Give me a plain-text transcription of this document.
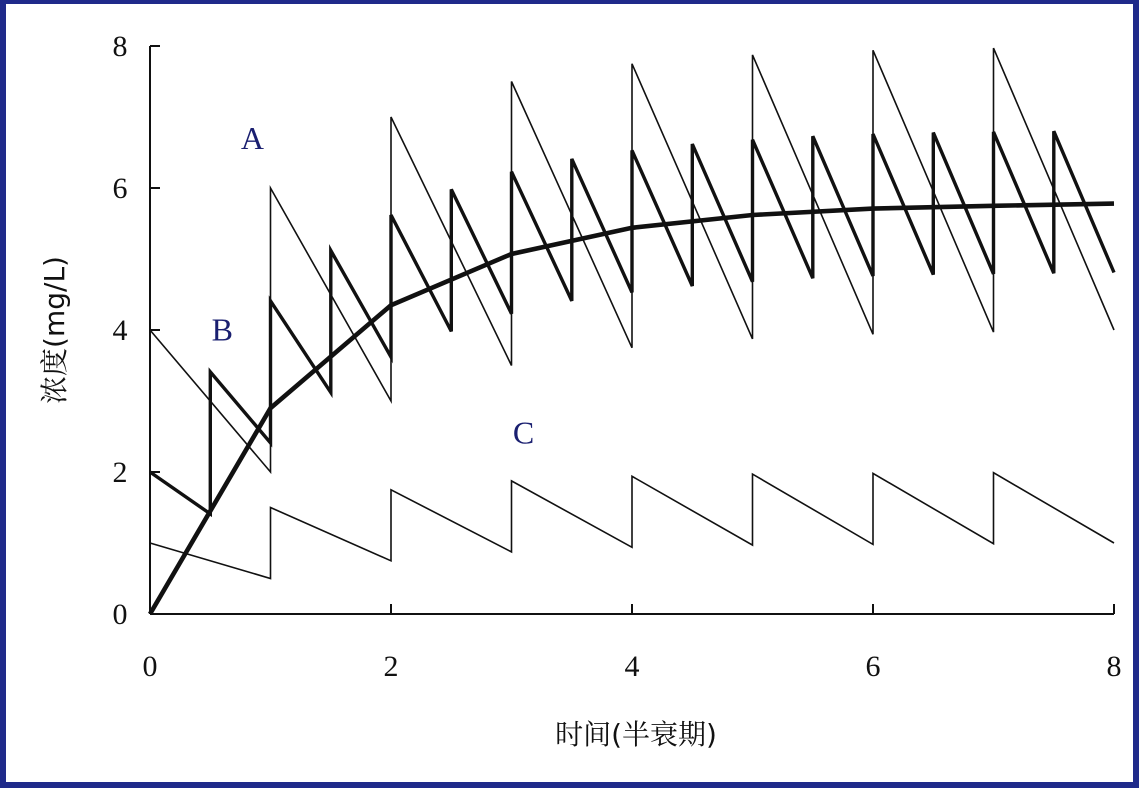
0
2
4
6
8
0	2	4	6	8
A
B
C
时间(半衰期)
浓度(mg/L)
